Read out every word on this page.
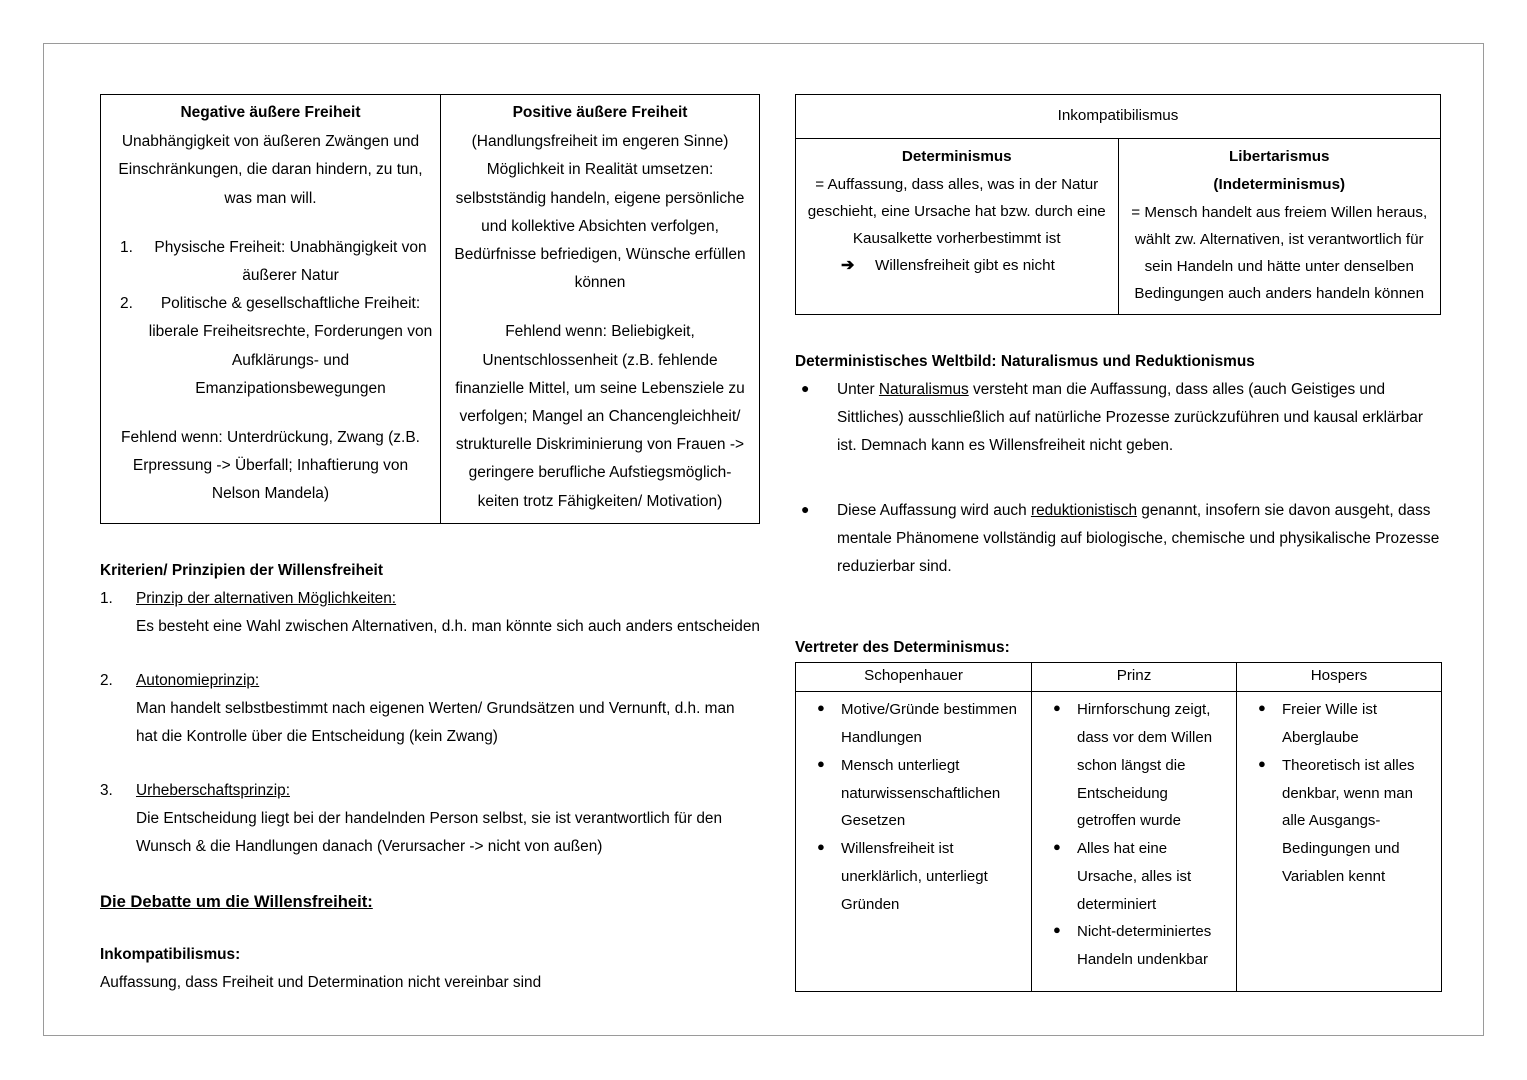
Negative äußere Freiheit
Unabhängigkeit von äußeren Zwängen und Einschränkungen, die daran hindern, zu tun, was man will.
1.	Physische Freiheit: Unabhängigkeit von äußerer Natur
2.	Politische & gesellschaftliche Freiheit: liberale Freiheitsrechte, Forderungen von Aufklärungs- und Emanzipationsbewegungen
Fehlend wenn: Unterdrückung, Zwang (z.B. Erpressung -> Überfall; Inhaftierung von Nelson Mandela)	
Positive äußere Freiheit
(Handlungsfreiheit im engeren Sinne) Möglichkeit in Realität umsetzen: selbstständig handeln, eigene persönliche und kollektive Absichten verfolgen, Bedürfnisse befriedigen, Wünsche erfüllen können
Fehlend wenn: Beliebigkeit, Unentschlossenheit (z.B. fehlende finanzielle Mittel, um seine Lebensziele zu verfolgen; Mangel an Chancengleichheit/ strukturelle Diskriminierung von Frauen -> geringere berufliche Aufstiegsmöglich-keiten trotz Fähigkeiten/ Motivation)
Kriterien/ Prinzipien der Willensfreiheit
1.	Prinzip der alternativen Möglichkeiten:
Es besteht eine Wahl zwischen Alternativen, d.h. man könnte sich auch anders entscheiden
2.	Autonomieprinzip:
Man handelt selbstbestimmt nach eigenen Werten/ Grundsätzen und Vernunft, d.h. man hat die Kontrolle über die Entscheidung (kein Zwang)
3.	Urheberschaftsprinzip:
Die Entscheidung liegt bei der handelnden Person selbst, sie ist verantwortlich für den Wunsch & die Handlungen danach (Verursacher -> nicht von außen)
Die Debatte um die Willensfreiheit:
Inkompatibilismus:
Auffassung, dass Freiheit und Determination nicht vereinbar sind
Inkompatibilismus

Determinismus
= Auffassung, dass alles, was in der Natur geschieht, eine Ursache hat bzw. durch eine Kausalkette vorherbestimmt ist
➔	Willensfreiheit gibt es nicht

Libertarismus
(Indeterminismus)
= Mensch handelt aus freiem Willen heraus, wählt zw. Alternativen, ist verantwortlich für sein Handeln und hätte unter denselben Bedingungen auch anders handeln können
Deterministisches Weltbild: Naturalismus und Reduktionismus
●	Unter Naturalismus versteht man die Auffassung, dass alles (auch Geistiges und Sittliches) ausschließlich auf natürliche Prozesse zurückzuführen und kausal erklärbar ist. Demnach kann es Willensfreiheit nicht geben.
●	Diese Auffassung wird auch reduktionistisch genannt, insofern sie davon ausgeht, dass mentale Phänomene vollständig auf biologische, chemische und physikalische Prozesse reduzierbar sind.
Vertreter des Determinismus:
Schopenhauer	Prinz	Hospers

●	Motive/Gründe bestimmen Handlungen
●	Mensch unterliegt naturwissenschaftlichen Gesetzen
●	Willensfreiheit ist unerklärlich, unterliegt Gründen

●	Hirnforschung zeigt, dass vor dem Willen schon längst die Entscheidung getroffen wurde
●	Alles hat eine Ursache, alles ist determiniert
●	Nicht-determiniertes Handeln undenkbar

●	Freier Wille ist Aberglaube
●	Theoretisch ist alles denkbar, wenn man alle Ausgangs-Bedingungen und Variablen kennt
